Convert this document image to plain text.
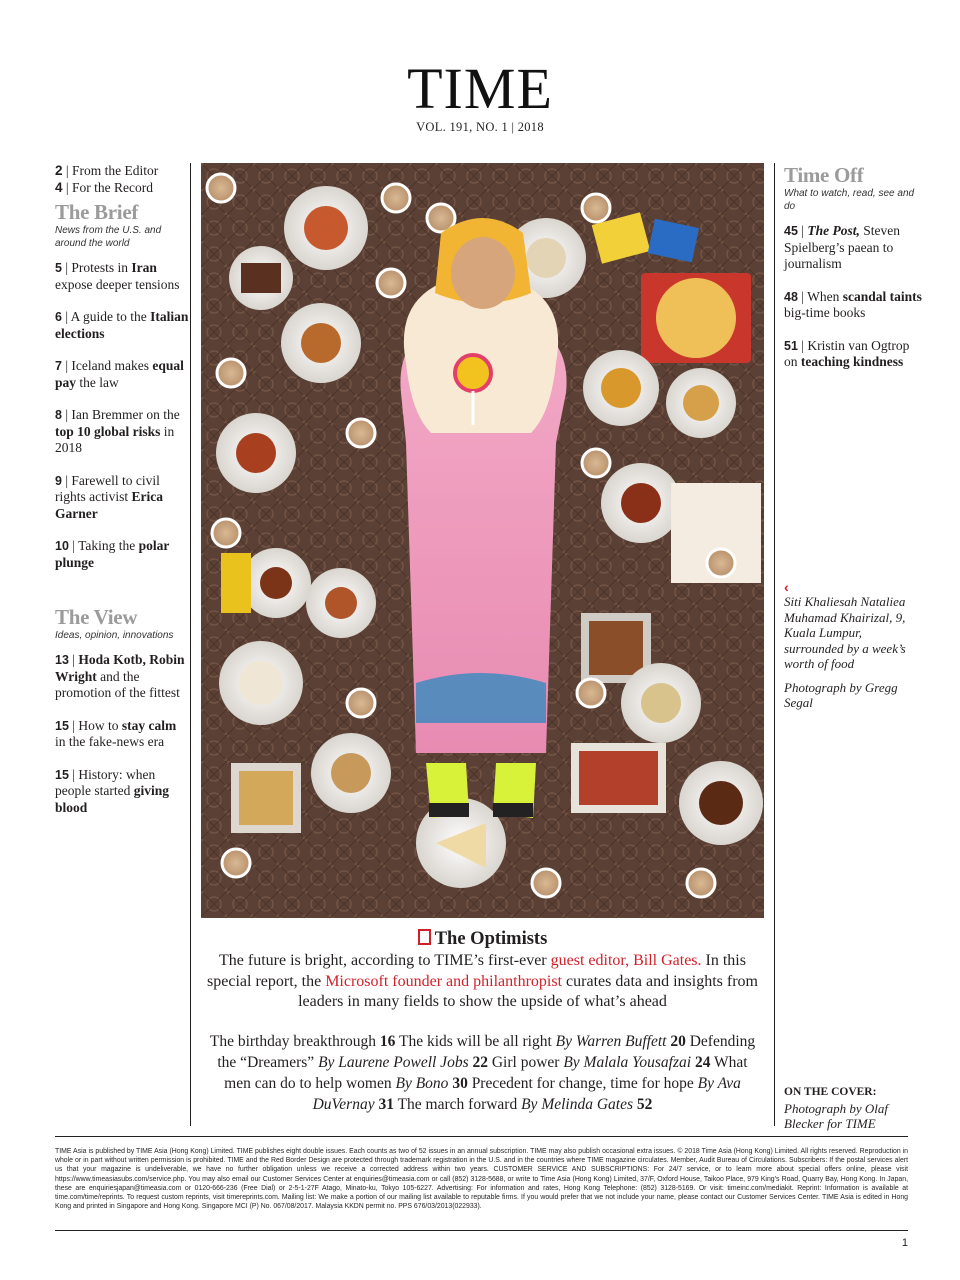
TIME
VOL. 191, NO. 1 | 2018
2 | From the Editor
4 | For the Record
The Brief
News from the U.S. and around the world
5 | Protests in Iran expose deeper tensions
6 | A guide to the Italian elections
7 | Iceland makes equal pay the law
8 | Ian Bremmer on the top 10 global risks in 2018
9 | Farewell to civil rights activist Erica Garner
10 | Taking the polar plunge
The View
Ideas, opinion, innovations
13 | Hoda Kotb, Robin Wright and the promotion of the fittest
15 | How to stay calm in the fake-news era
15 | History: when people started giving blood
Time Off
What to watch, read, see and do
45 | The Post, Steven Spielberg’s paean to journalism
48 | When scandal taints big-time books
51 | Kristin van Ogtrop on teaching kindness
‹
Siti Khaliesah Nataliea Muhamad Khairizal, 9, Kuala Lumpur, surrounded by a week’s worth of food
Photograph by Gregg Segal
ON THE COVER:
Photograph by Olaf Blecker for TIME
The Optimists
The future is bright, according to TIME’s first-ever guest editor, Bill Gates. In this special report, the Microsoft founder and philanthropist curates data and insights from leaders in many fields to show the upside of what’s ahead
The birthday breakthrough 16 The kids will be all right By Warren Buffett 20 Defending the “Dreamers” By Laurene Powell Jobs 22 Girl power By Malala Yousafzai 24 What men can do to help women By Bono 30 Precedent for change, time for hope By Ava DuVernay 31 The march forward By Melinda Gates 52
TIME Asia is published by TIME Asia (Hong Kong) Limited. TIME publishes eight double issues. Each counts as two of 52 issues in an annual subscription. TIME may also publish occasional extra issues. © 2018 Time Asia (Hong Kong) Limited. All rights reserved. Reproduction in whole or in part without written permission is prohibited. TIME and the Red Border Design are protected through trademark registration in the U.S. and in the countries where TIME magazine circulates. Member, Audit Bureau of Circulations. Subscribers: If the postal services alert us that your magazine is undeliverable, we have no further obligation unless we receive a corrected address within two years. CUSTOMER SERVICE AND SUBSCRIPTIONS: For 24/7 service, or to learn more about special offers online, please visit https://www.timeasiasubs.com/service.php. You may also email our Customer Services Center at enquiries@timeasia.com or call (852) 3128-5688, or write to Time Asia (Hong Kong) Limited, 37/F, Oxford House, Taikoo Place, 979 King’s Road, Quarry Bay, Hong Kong. In Japan, these are enquiriesjapan@timeasia.com or 0120-666-236 (Free Dial) or 2-5-1-27F Atago, Minato-ku, Tokyo 105-6227. Advertising: For information and rates, Hong Kong Telephone: (852) 3128-5169. Or visit: timeinc.com/mediakit. Reprint: Information is available at time.com/time/reprints. To request custom reprints, visit timereprints.com. Mailing list: We make a portion of our mailing list available to reputable firms. If you would prefer that we not include your name, please contact our Customer Services Center. TIME Asia is edited in Hong Kong and printed in Singapore and Hong Kong. Singapore MCI (P) No. 067/08/2017. Malaysia KKDN permit no. PPS 676/03/2013(022933).
1
